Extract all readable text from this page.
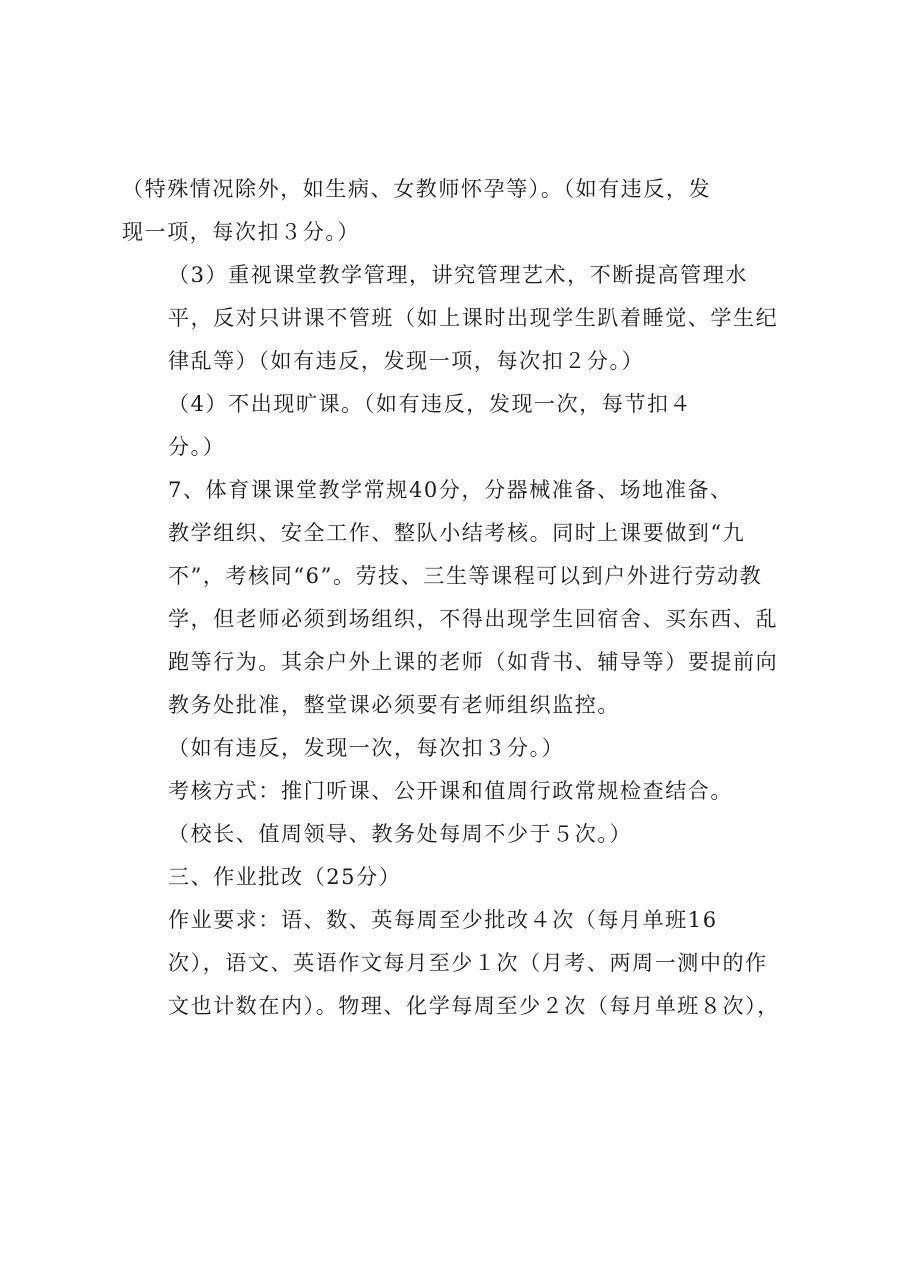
（特殊情况除外，如生病、女教师怀孕等）。（如有违反，发
现一项，每次扣３分。）

（3）重视课堂教学管理，讲究管理艺术，不断提高管理水
平，反对只讲课不管班（如上课时出现学生趴着睡觉、学生纪
律乱等）（如有违反，发现一项，每次扣２分。）

（4）不出现旷课。（如有违反，发现一次，每节扣４
分。）

7、体育课课堂教学常规40分，分器械准备、场地准备、
教学组织、安全工作、整队小结考核。同时上课要做到“九
不”，考核同“6”。劳技、三生等课程可以到户外进行劳动教
学，但老师必须到场组织，不得出现学生回宿舍、买东西、乱
跑等行为。其余户外上课的老师（如背书、辅导等）要提前向
教务处批准，整堂课必须要有老师组织监控。

（如有违反，发现一次，每次扣３分。）

考核方式：推门听课、公开课和值周行政常规检查结合。
（校长、值周领导、教务处每周不少于５次。）

三、作业批改（25分）

作业要求：语、数、英每周至少批改４次（每月单班16
次），语文、英语作文每月至少１次（月考、两周一测中的作
文也计数在内）。物理、化学每周至少２次（每月单班８次），
